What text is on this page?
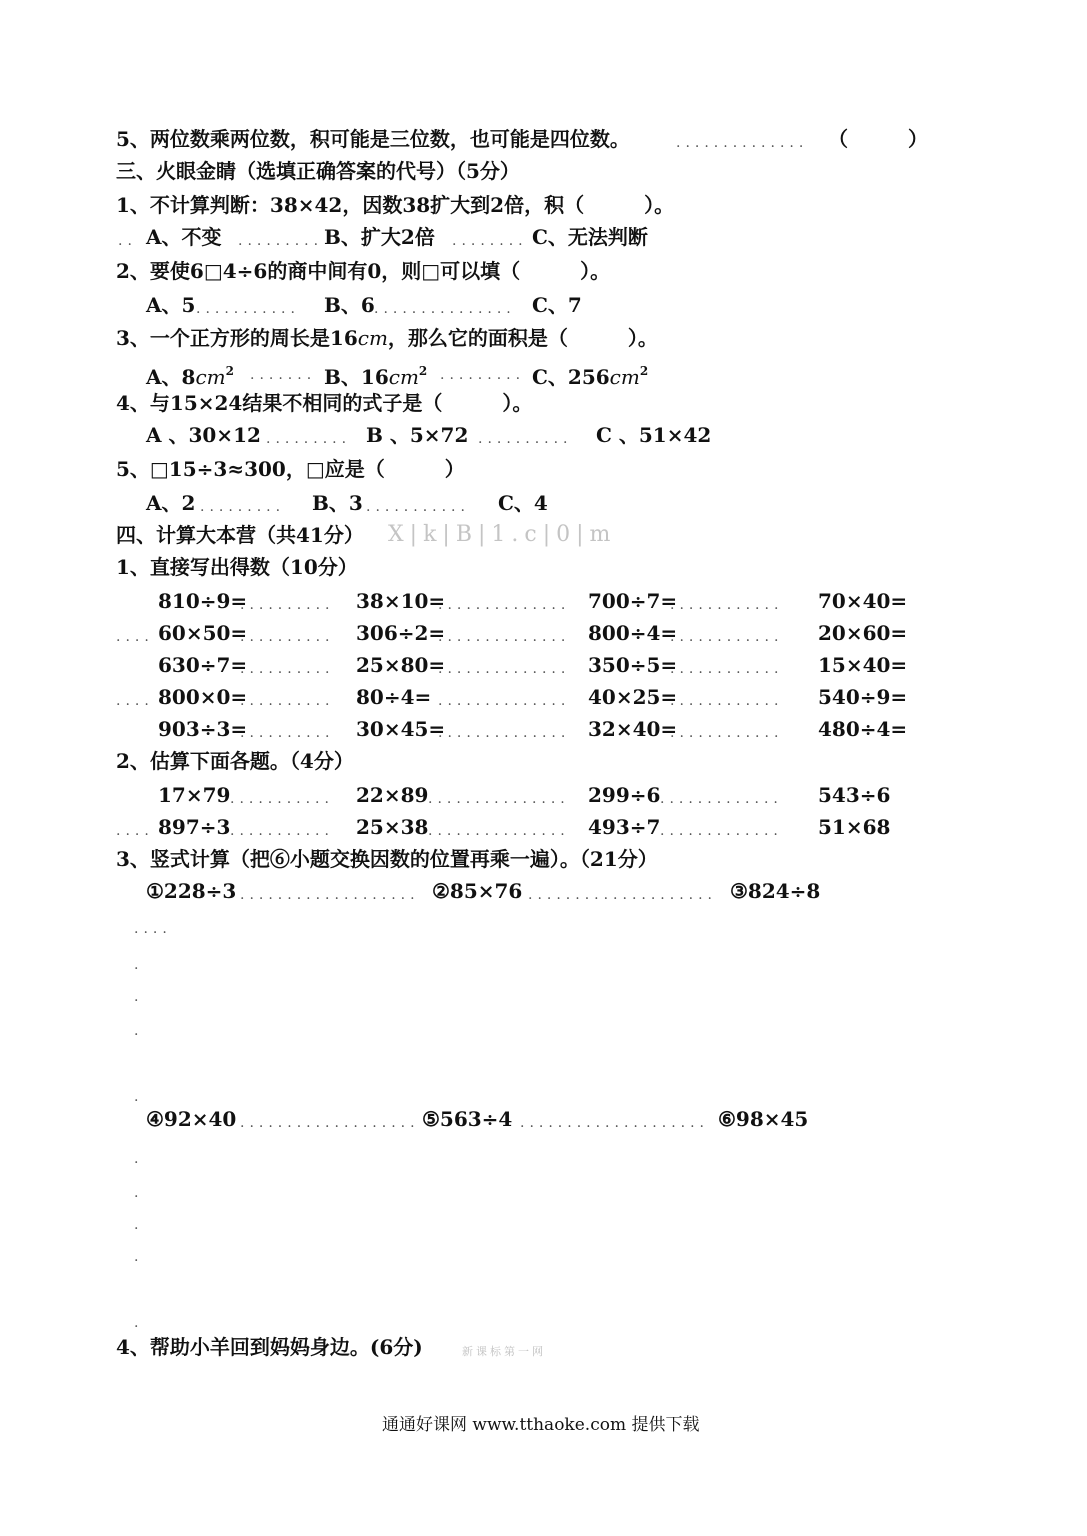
5、两位数乘两位数，积可能是三位数，也可能是四位数。	.............. （　　　）
三、火眼金睛（选填正确答案的代号）（5分）
1、不计算判断：38×42，因数38扩大到2倍，积（　　　）。
.. A、不变 ......... B、扩大2倍 ........ C、无法判断
2、要使6□4÷6的商中间有0，则□可以填（　　　）。
A、5 ........... B、6 ............... C、7
3、一个正方形的周长是16cm，那么它的面积是（　　　）。
A、$8cm^2$ ....... B、$16cm^2$ ......... C、$256cm^2$
4、与15×24结果不相同的式子是（　　　）。
A 、30×12 ......... B 、5×72 .......... C 、51×42
5、□15÷3≈300，□应是（　　　）
A、2 ......... B、3 ........... C、4
四、计算大本营（共41分） X|k|B|1.c|0|m
1、直接写出得数（10分）
810÷9=
.......... 38×10=
.............. 700÷7=
............ 70×40=
.... 60×50=
.......... 306÷2=
.............. 800÷4=
............ 20×60=
630÷7=
.......... 25×80=
.............. 350÷5=
............ 15×40=
.... 800×0=
.......... 80÷4= .............. 40×25=
............ 540÷9=
903÷3=
.......... 30×45=
.............. 32×40=
............ 480÷4=
2、估算下面各题。（4分）
17×79 ........... 22×89 ............... 299÷6 ............. 543÷6
.... 897÷3 ........... 25×38 ............... 493÷7 ............. 51×68
3、竖式计算（把⑥小题交换因数的位置再乘一遍）。（21分）
①228÷3 ................... ②85×76 .................... ③824÷8
....
.
.
.
.
④92×40 ................... ⑤563÷4 .................... ⑥98×45
.
.
.
.
.
4、帮助小羊回到妈妈身边。(6分)	新课标第一网
通通好课网 www.tthaoke.com 提供下载
